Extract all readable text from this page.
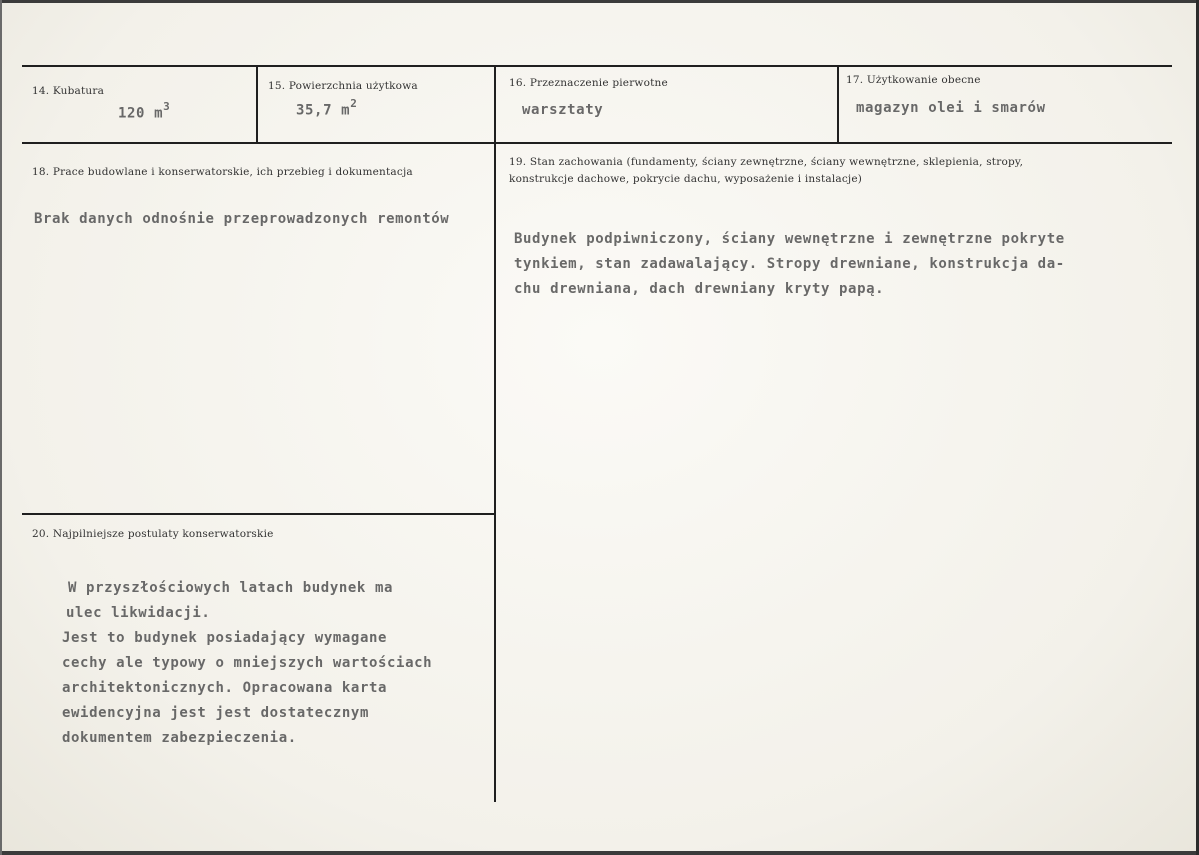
14. Kubatura
120 $m^3$
15. Powierzchnia użytkowa
35,7 $m^2$
16. Przeznaczenie pierwotne
warsztaty
17. Użytkowanie obecne
magazyn olei i smarów
18. Prace budowlane i konserwatorskie, ich przebieg i dokumentacja
Brak danych odnośnie przeprowadzonych remontów
19. Stan zachowania (fundamenty, ściany zewnętrzne, ściany wewnętrzne, sklepienia, stropy,
konstrukcje dachowe, pokrycie dachu, wyposażenie i instalacje)
Budynek podpiwniczony, ściany wewnętrzne i zewnętrzne pokryte
tynkiem, stan zadawalający. Stropy drewniane, konstrukcja da-
chu drewniana, dach drewniany kryty papą.
20. Najpilniejsze postulaty konserwatorskie
W przyszłościowych latach budynek ma
ulec likwidacji.
Jest to budynek posiadający wymagane
cechy ale typowy o mniejszych wartościach
architektonicznych. Opracowana karta
ewidencyjna jest jest dostatecznym
dokumentem zabezpieczenia.
